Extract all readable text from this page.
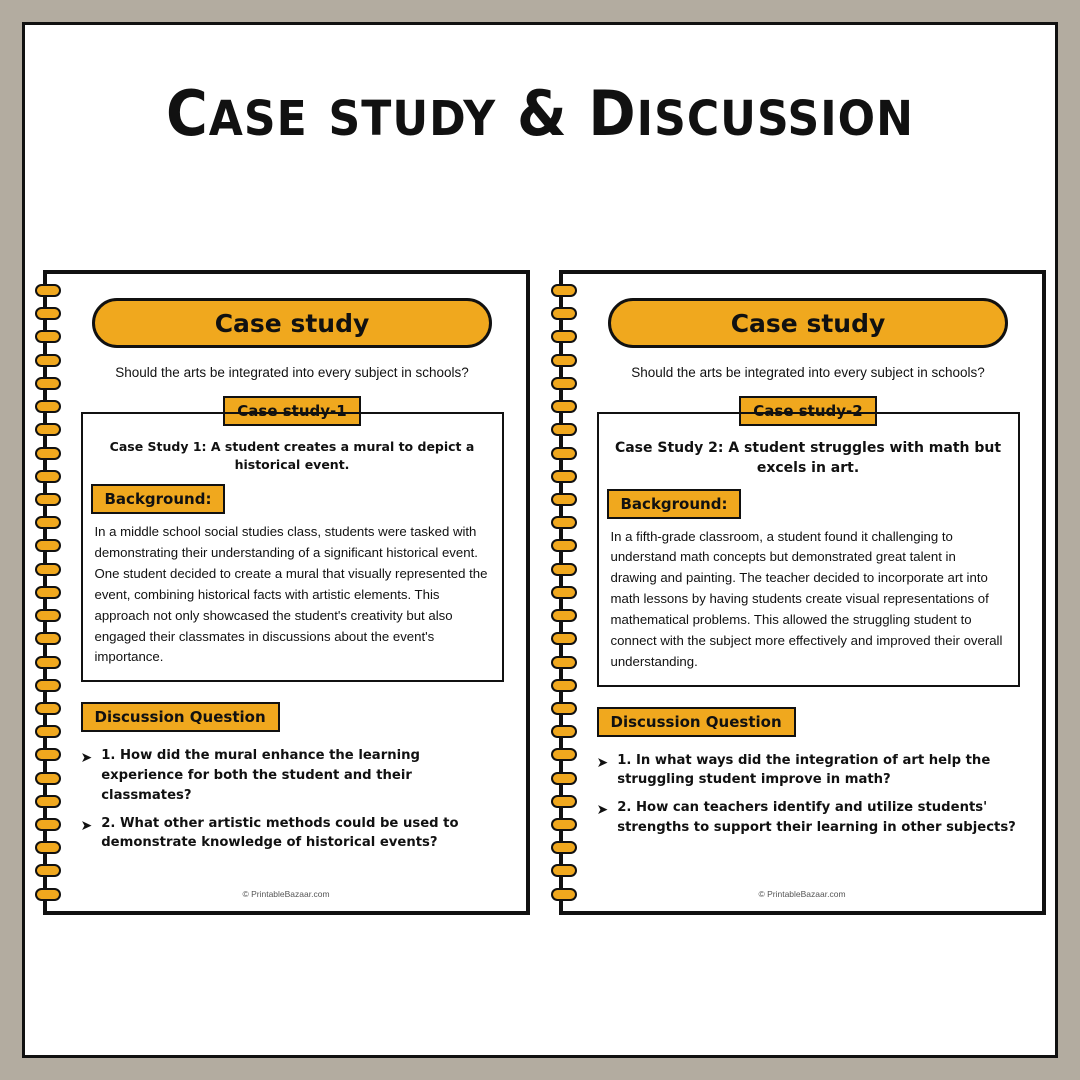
CASE STUDY & DISCUSSION
Case study
Should the arts be integrated into every subject in schools?
Case study-1
Case Study 1: A student creates a mural to depict a historical event.
Background:
In a middle school social studies class, students were tasked with demonstrating their understanding of a significant historical event. One student decided to create a mural that visually represented the event, combining historical facts with artistic elements. This approach not only showcased the student's creativity but also engaged their classmates in discussions about the event's importance.
Discussion Question
➤ 1. How did the mural enhance the learning experience for both the student and their classmates?
➤ 2. What other artistic methods could be used to demonstrate knowledge of historical events?
© PrintableBazaar.com
Case study
Should the arts be integrated into every subject in schools?
Case study-2
Case Study 2: A student struggles with math but excels in art.
Background:
In a fifth-grade classroom, a student found it challenging to understand math concepts but demonstrated great talent in drawing and painting. The teacher decided to incorporate art into math lessons by having students create visual representations of mathematical problems. This allowed the struggling student to connect with the subject more effectively and improved their overall understanding.
Discussion Question
➤ 1. In what ways did the integration of art help the struggling student improve in math?
➤ 2. How can teachers identify and utilize students' strengths to support their learning in other subjects?
© PrintableBazaar.com
